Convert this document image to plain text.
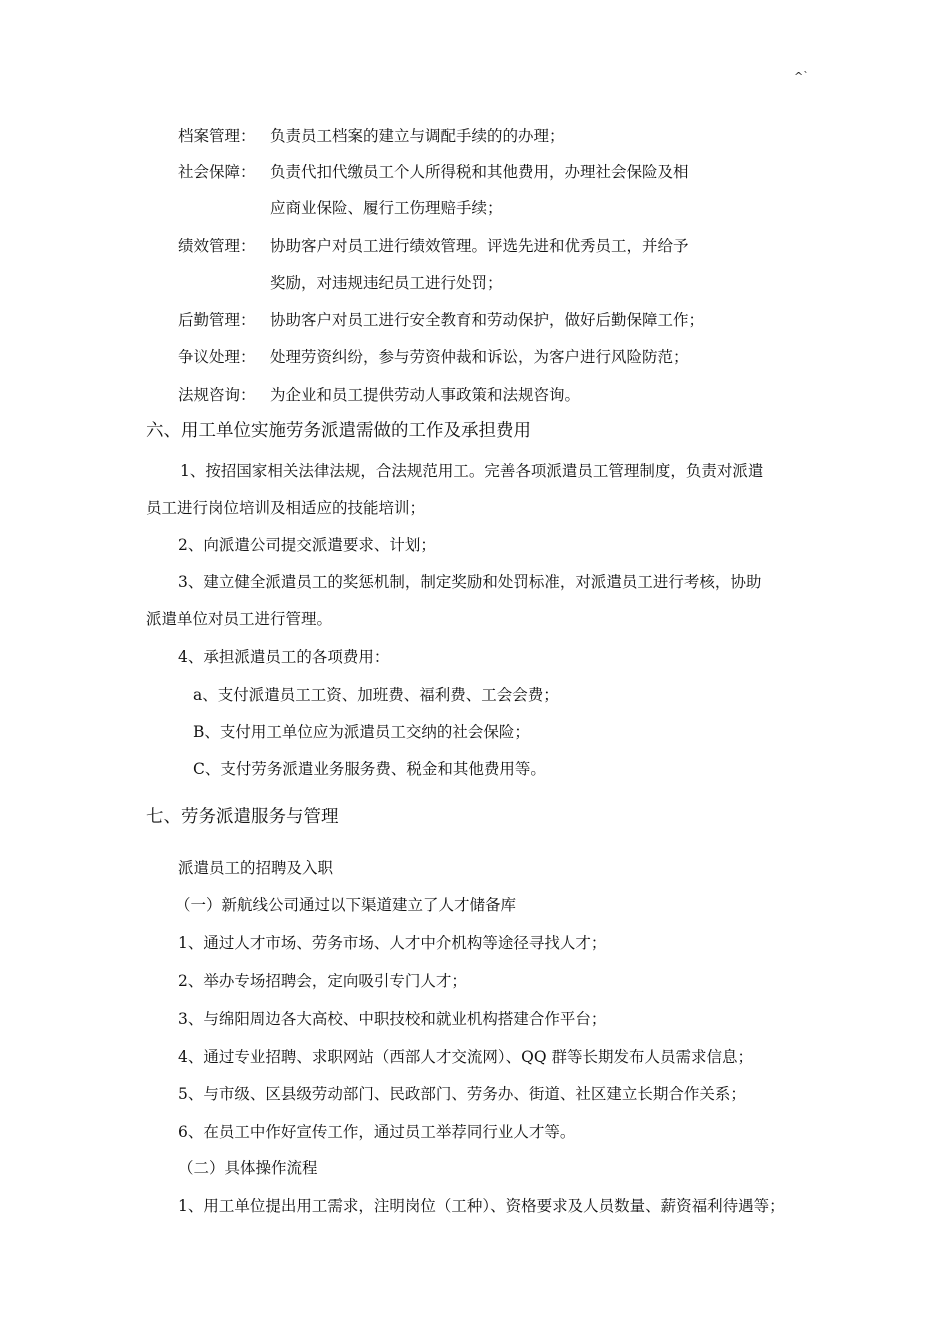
^`
档案管理： 负责员工档案的建立与调配手续的的办理；
社会保障： 负责代扣代缴员工个人所得税和其他费用，办理社会保险及相
应商业保险、履行工伤理赔手续；
绩效管理： 协助客户对员工进行绩效管理。评选先进和优秀员工，并给予
奖励，对违规违纪员工进行处罚；
后勤管理： 协助客户对员工进行安全教育和劳动保护，做好后勤保障工作；
争议处理： 处理劳资纠纷，参与劳资仲裁和诉讼，为客户进行风险防范；
法规咨询： 为企业和员工提供劳动人事政策和法规咨询。
六、用工单位实施劳务派遣需做的工作及承担费用
1、按招国家相关法律法规，合法规范用工。完善各项派遣员工管理制度，负责对派遣
员工进行岗位培训及相适应的技能培训；
2、向派遣公司提交派遣要求、计划；
3、建立健全派遣员工的奖惩机制，制定奖励和处罚标准，对派遣员工进行考核，协助
派遣单位对员工进行管理。
4、承担派遣员工的各项费用：
a、支付派遣员工工资、加班费、福利费、工会会费；
B、支付用工单位应为派遣员工交纳的社会保险；
C、支付劳务派遣业务服务费、税金和其他费用等。
七、劳务派遣服务与管理
派遣员工的招聘及入职
（一）新航线公司通过以下渠道建立了人才储备库
1、通过人才市场、劳务市场、人才中介机构等途径寻找人才；
2、举办专场招聘会，定向吸引专门人才；
3、与绵阳周边各大高校、中职技校和就业机构搭建合作平台；
4、通过专业招聘、求职网站（西部人才交流网）、QQ 群等长期发布人员需求信息；
5、与市级、区县级劳动部门、民政部门、劳务办、街道、社区建立长期合作关系；
6、在员工中作好宣传工作，通过员工举荐同行业人才等。
（二）具体操作流程
1、用工单位提出用工需求，注明岗位（工种）、资格要求及人员数量、薪资福利待遇等；
